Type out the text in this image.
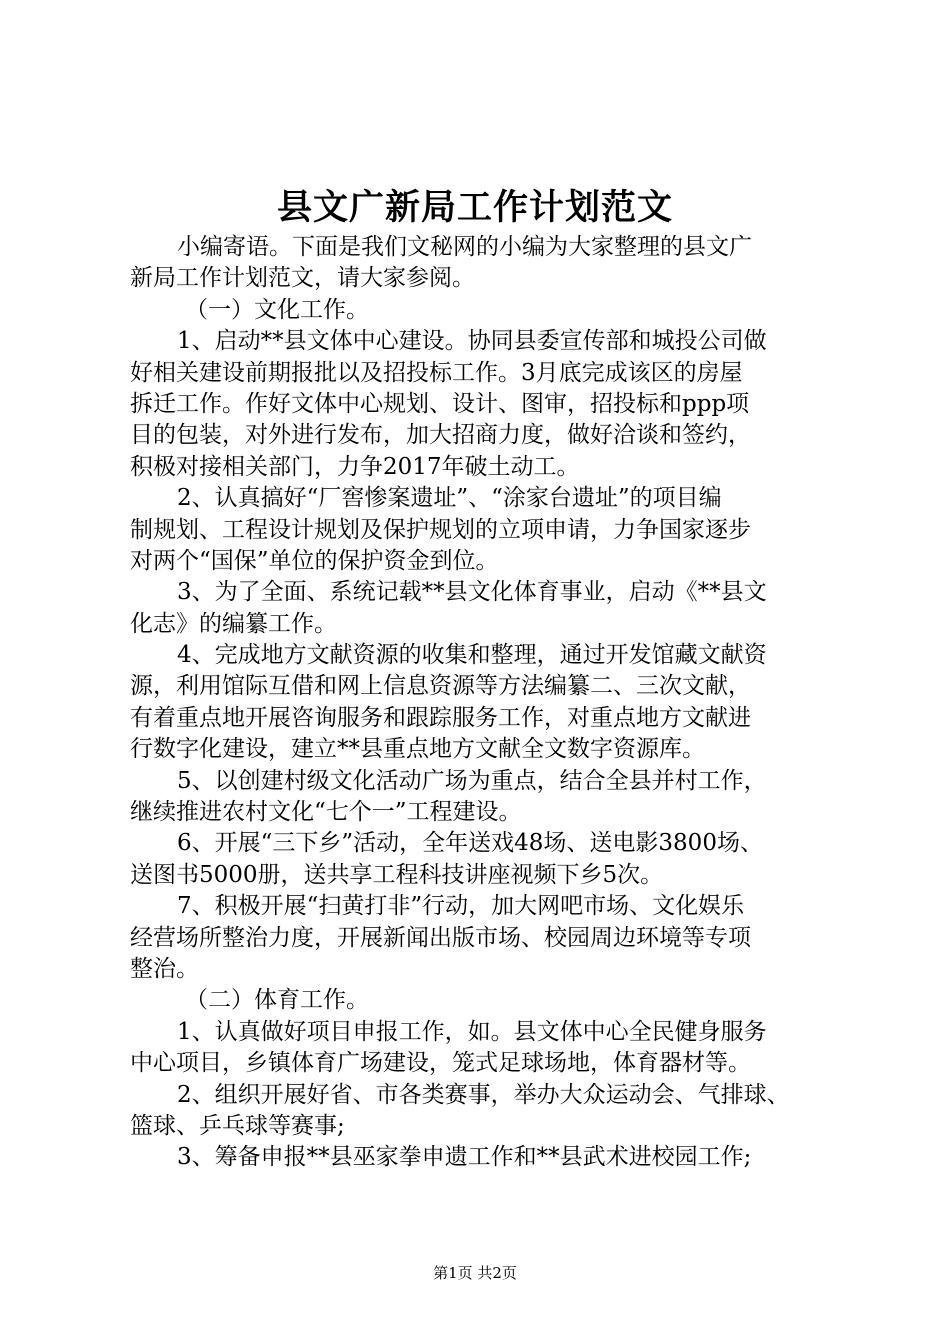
县文广新局工作计划范文
小编寄语。下面是我们文秘网的小编为大家整理的县文广
新局工作计划范文，请大家参阅。
（一）文化工作。
1、启动**县文体中心建设。协同县委宣传部和城投公司做
好相关建设前期报批以及招投标工作。3月底完成该区的房屋
拆迁工作。作好文体中心规划、设计、图审，招投标和ppp项
目的包装，对外进行发布，加大招商力度，做好洽谈和签约，
积极对接相关部门，力争2017年破土动工。
2、认真搞好“厂窖惨案遗址”、“涂家台遗址”的项目编
制规划、工程设计规划及保护规划的立项申请，力争国家逐步
对两个“国保”单位的保护资金到位。
3、为了全面、系统记载**县文化体育事业，启动《**县文
化志》的编纂工作。
4、完成地方文献资源的收集和整理，通过开发馆藏文献资
源，利用馆际互借和网上信息资源等方法编纂二、三次文献，
有着重点地开展咨询服务和跟踪服务工作，对重点地方文献进
行数字化建设，建立**县重点地方文献全文数字资源库。
5、以创建村级文化活动广场为重点，结合全县并村工作，
继续推进农村文化“七个一”工程建设。
6、开展“三下乡”活动，全年送戏48场、送电影3800场、
送图书5000册，送共享工程科技讲座视频下乡5次。
7、积极开展“扫黄打非”行动，加大网吧市场、文化娱乐
经营场所整治力度，开展新闻出版市场、校园周边环境等专项
整治。
（二）体育工作。
1、认真做好项目申报工作，如。县文体中心全民健身服务
中心项目，乡镇体育广场建设，笼式足球场地，体育器材等。
2、组织开展好省、市各类赛事，举办大众运动会、气排球、
篮球、乒乓球等赛事;
3、筹备申报**县巫家拳申遗工作和**县武术进校园工作;
第1页 共2页
